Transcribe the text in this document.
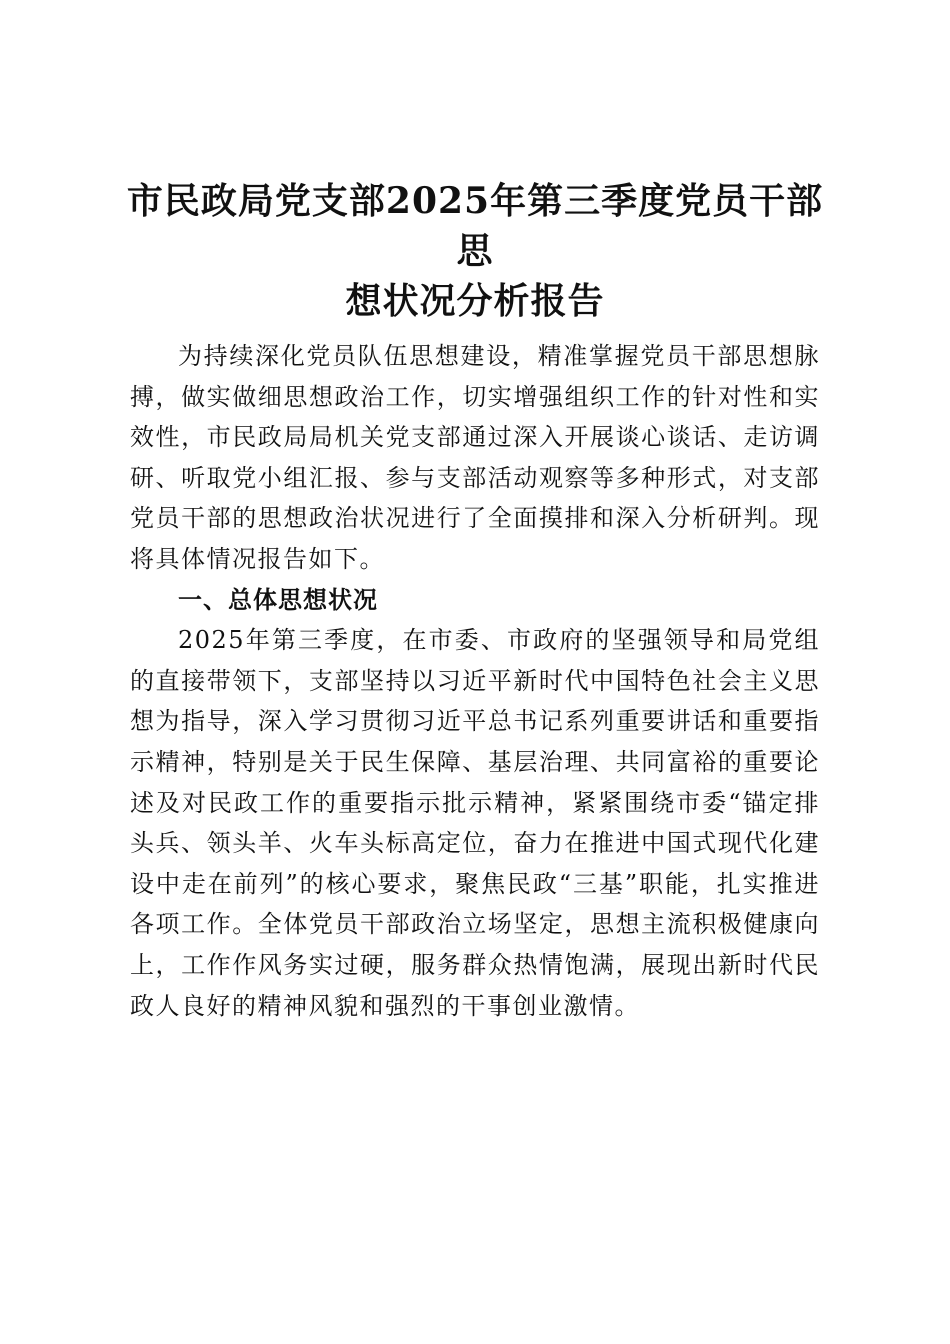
市民政局党支部2025年第三季度党员干部思
想状况分析报告

为持续深化党员队伍思想建设，精准掌握党员干部思想脉搏，做实做细思想政治工作，切实增强组织工作的针对性和实效性，市民政局局机关党支部通过深入开展谈心谈话、走访调研、听取党小组汇报、参与支部活动观察等多种形式，对支部党员干部的思想政治状况进行了全面摸排和深入分析研判。现将具体情况报告如下。

一、总体思想状况

2025年第三季度，在市委、市政府的坚强领导和局党组的直接带领下，支部坚持以习近平新时代中国特色社会主义思想为指导，深入学习贯彻习近平总书记系列重要讲话和重要指示精神，特别是关于民生保障、基层治理、共同富裕的重要论述及对民政工作的重要指示批示精神，紧紧围绕市委“锚定排头兵、领头羊、火车头标高定位，奋力在推进中国式现代化建设中走在前列”的核心要求，聚焦民政“三基”职能，扎实推进各项工作。全体党员干部政治立场坚定，思想主流积极健康向上，工作作风务实过硬，服务群众热情饱满，展现出新时代民政人良好的精神风貌和强烈的干事创业激情。
